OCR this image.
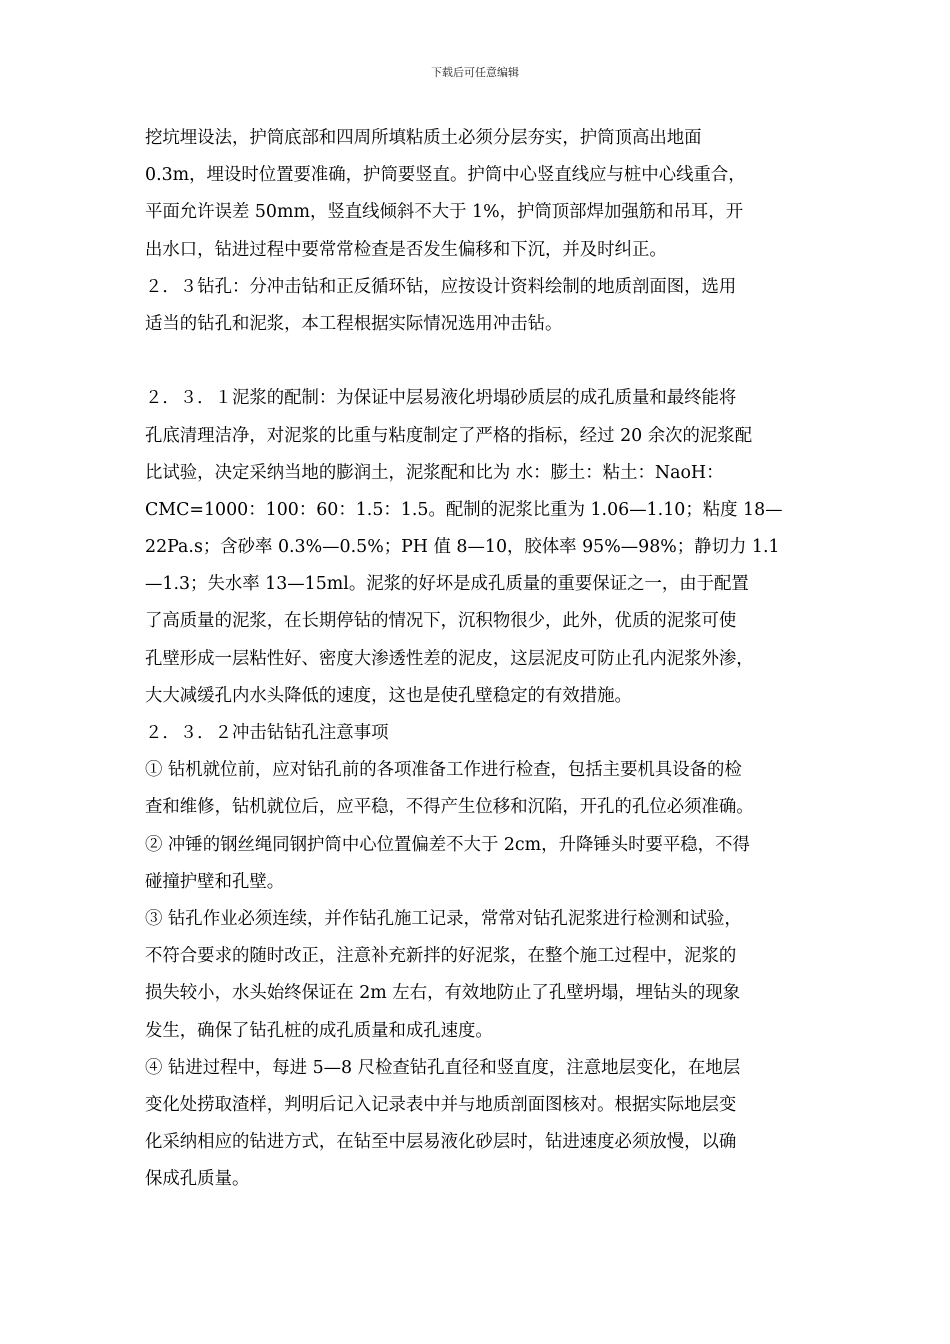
下载后可任意编辑
挖坑埋设法，护筒底部和四周所填粘质土必须分层夯实，护筒顶高出地面
0.3m，埋设时位置要准确，护筒要竖直。护筒中心竖直线应与桩中心线重合，
平面允许误差 50mm，竖直线倾斜不大于 1%，护筒顶部焊加强筋和吊耳，开
出水口，钻进过程中要常常检查是否发生偏移和下沉，并及时纠正。
２．３钻孔：分冲击钻和正反循环钻，应按设计资料绘制的地质剖面图，选用
适当的钻孔和泥浆，本工程根据实际情况选用冲击钻。
２．３．１泥浆的配制：为保证中层易液化坍塌砂质层的成孔质量和最终能将
孔底清理洁净，对泥浆的比重与粘度制定了严格的指标，经过 20 余次的泥浆配
比试验，决定采纳当地的膨润土，泥浆配和比为 水：膨土：粘土：NaoH：
CMC=1000：100：60：1.5：1.5。配制的泥浆比重为 1.06—1.10；粘度 18—
22Pa.s；含砂率 0.3%—0.5%；PH 值 8—10，胶体率 95%—98%；静切力 1.1
—1.3；失水率 13—15ml。泥浆的好坏是成孔质量的重要保证之一，由于配置
了高质量的泥浆，在长期停钻的情况下，沉积物很少，此外，优质的泥浆可使
孔壁形成一层粘性好、密度大渗透性差的泥皮，这层泥皮可防止孔内泥浆外渗，
大大减缓孔内水头降低的速度，这也是使孔壁稳定的有效措施。
２．３．２冲击钻钻孔注意事项
① 钻机就位前，应对钻孔前的各项准备工作进行检查，包括主要机具设备的检
查和维修，钻机就位后，应平稳，不得产生位移和沉陷，开孔的孔位必须准确。
② 冲锤的钢丝绳同钢护筒中心位置偏差不大于 2cm，升降锤头时要平稳，不得
碰撞护壁和孔壁。
③ 钻孔作业必须连续，并作钻孔施工记录，常常对钻孔泥浆进行检测和试验，
不符合要求的随时改正，注意补充新拌的好泥浆，在整个施工过程中，泥浆的
损失较小，水头始终保证在 2m 左右，有效地防止了孔壁坍塌，埋钻头的现象
发生，确保了钻孔桩的成孔质量和成孔速度。
④ 钻进过程中，每进 5—8 尺检查钻孔直径和竖直度，注意地层变化，在地层
变化处捞取渣样，判明后记入记录表中并与地质剖面图核对。根据实际地层变
化采纳相应的钻进方式，在钻至中层易液化砂层时，钻进速度必须放慢，以确
保成孔质量。
